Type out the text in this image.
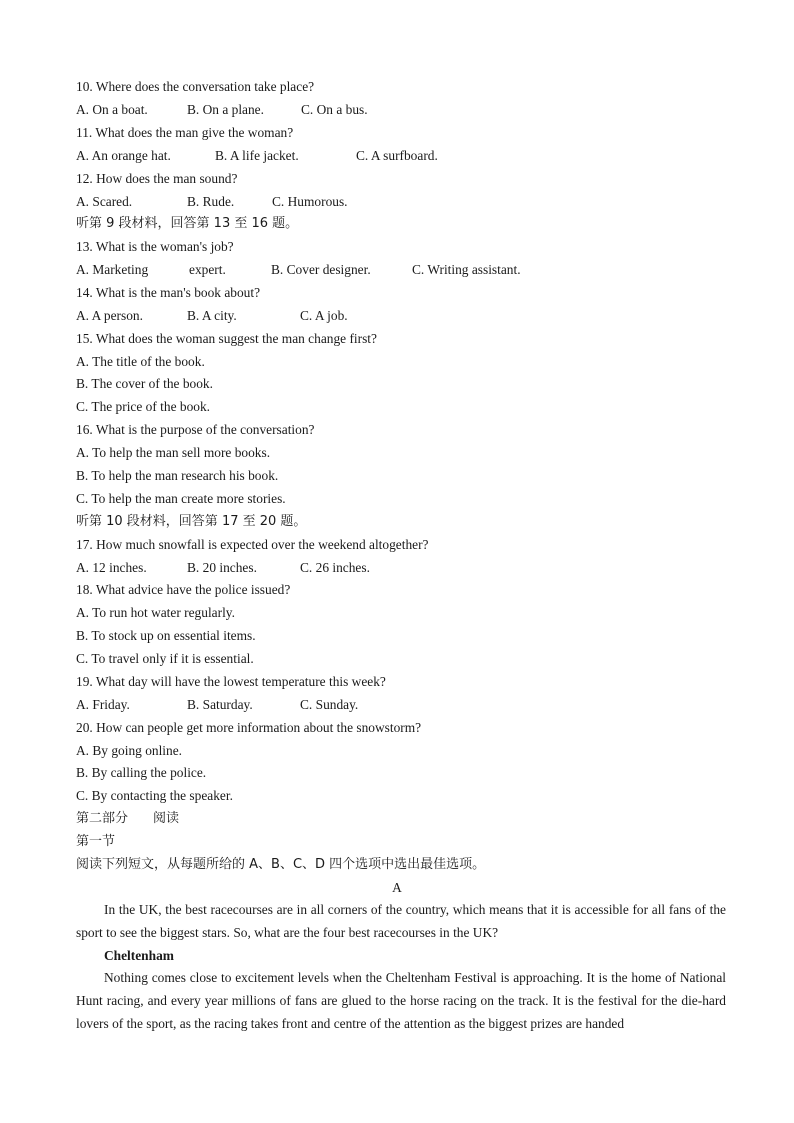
10. Where does the conversation take place?
A. On a boat.	B. On a plane.	C. On a bus.
11. What does the man give the woman?
A. An orange hat.	B. A life jacket.	C. A surfboard.
12. How does the man sound?
A. Scared.	B. Rude.	C. Humorous.
听第 9 段材料，回答第 13 至 16 题。
13. What is the woman's job?
A. Marketing	expert.	B. Cover designer.	C. Writing assistant.
14. What is the man's book about?
A. A person.	B. A city.	C. A job.
15. What does the woman suggest the man change first?
A. The title of the book.
B. The cover of the book.
C. The price of the book.
16. What is the purpose of the conversation?
A. To help the man sell more books.
B. To help the man research his book.
C. To help the man create more stories.
听第 10 段材料，回答第 17 至 20 题。
17. How much snowfall is expected over the weekend altogether?
A. 12 inches.	B. 20 inches.	C. 26 inches.
18. What advice have the police issued?
A. To run hot water regularly.
B. To stock up on essential items.
C. To travel only if it is essential.
19. What day will have the lowest temperature this week?
A. Friday.	B. Saturday.	C. Sunday.
20. How can people get more information about the snowstorm?
A. By going online.
B. By calling the police.
C. By contacting the speaker.
第二部分 阅读
第一节
阅读下列短文，从每题所给的 A、B、C、D 四个选项中选出最佳选项。
A

In the UK, the best racecourses are in all corners of the country, which means that it is accessible for all fans of the sport to see the biggest stars. So, what are the four best racecourses in the UK?

Cheltenham

Nothing comes close to excitement levels when the Cheltenham Festival is approaching. It is the home of National Hunt racing, and every year millions of fans are glued to the horse racing on the track. It is the festival for the die-hard lovers of the sport, as the racing takes front and centre of the attention as the biggest prizes are handed
